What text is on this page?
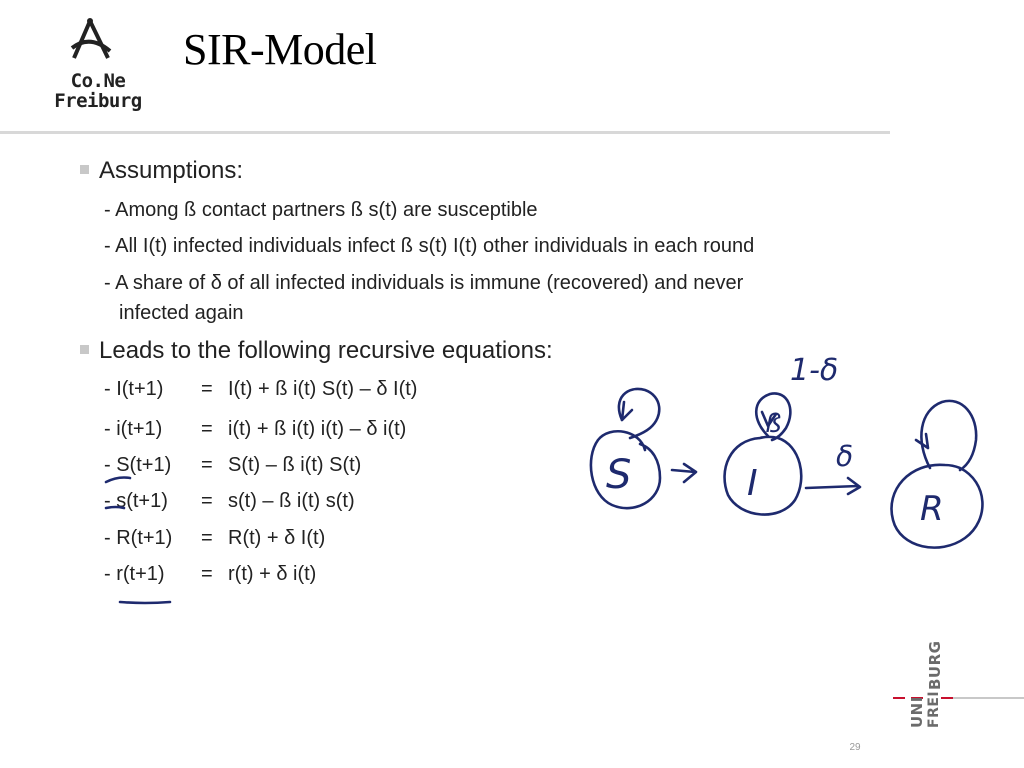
Co.Ne
Freiburg
SIR-Model
Assumptions:
- Among ß contact partners ß s(t) are susceptible
- All I(t) infected individuals infect ß s(t) I(t) other individuals in each round
- A share of δ of all infected individuals is immune (recovered) and never
infected again
Leads to the following recursive equations:
- I(t+1) = I(t) + ß i(t) S(t) – δ I(t)
- i(t+1) = i(t) + ß i(t) i(t) – δ i(t)
- S(t+1) = S(t) – ß i(t) S(t)
- s(t+1) = s(t) – ß i(t) s(t)
- R(t+1) = R(t) + δ I(t)
- r(t+1) = r(t) + δ i(t)
1-δ
ß
δ
S	I
R
UNI FREI
BURG
29
